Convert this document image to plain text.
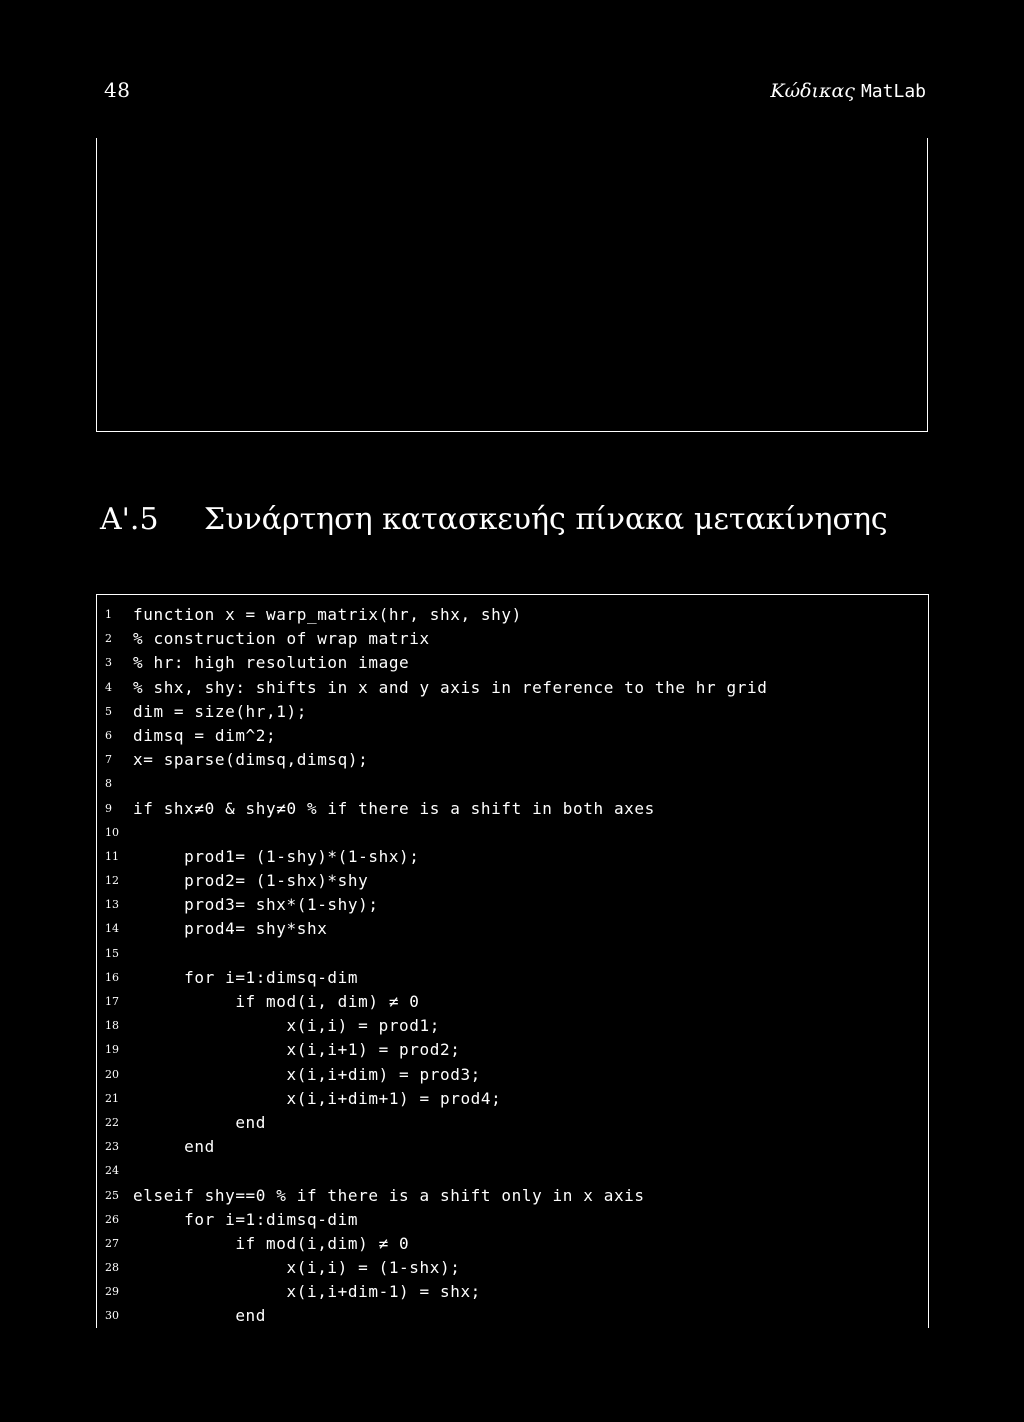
48	Κώδικας MatLab
A'.5 Συνάρτηση κατασκευής πίνακα μετακίνησης
1	function x = warp_matrix(hr, shx, shy)
2	% construction of wrap matrix
3	% hr: high resolution image
4	% shx, shy: shifts in x and y axis in reference to the hr grid
5	dim = size(hr,1);
6	dimsq = dim^2;
7	x= sparse(dimsq,dimsq);
8
9	if shx≠0 & shy≠0 % if there is a shift in both axes
10
11 prod1= (1-shy)*(1-shx);
12 prod2= (1-shx)*shy
13 prod3= shx*(1-shy);
14 prod4= shy*shx
15
16 for i=1:dimsq-dim
17 if mod(i, dim) ≠ 0
18 x(i,i) = prod1;
19 x(i,i+1) = prod2;
20 x(i,i+dim) = prod3;
21 x(i,i+dim+1) = prod4;
22 end
23 end
24
25 elseif shy==0 % if there is a shift only in x axis
26 for i=1:dimsq-dim
27 if mod(i,dim) ≠ 0
28 x(i,i) = (1-shx);
29 x(i,i+dim-1) = shx;
30 end
